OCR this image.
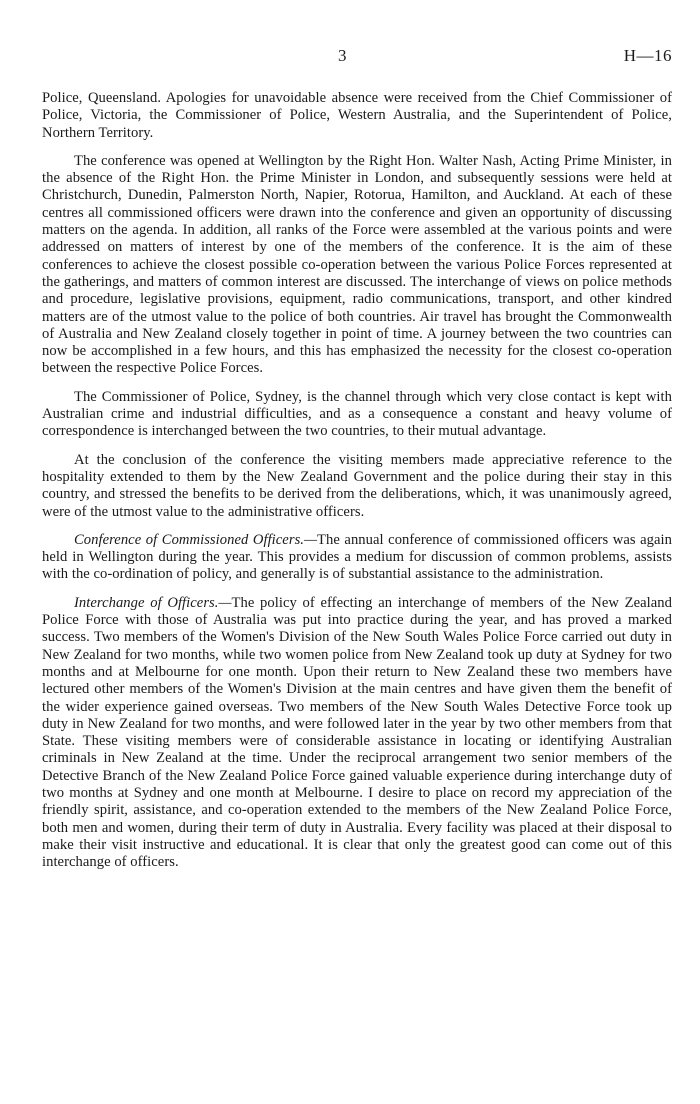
3	H—16

Police, Queensland. Apologies for unavoidable absence were received from the Chief Commissioner of Police, Victoria, the Commissioner of Police, Western Australia, and the Superintendent of Police, Northern Territory.

The conference was opened at Wellington by the Right Hon. Walter Nash, Acting Prime Minister, in the absence of the Right Hon. the Prime Minister in London, and subsequently sessions were held at Christchurch, Dunedin, Palmerston North, Napier, Rotorua, Hamilton, and Auckland. At each of these centres all commissioned officers were drawn into the conference and given an opportunity of discussing matters on the agenda. In addition, all ranks of the Force were assembled at the various points and were addressed on matters of interest by one of the members of the conference. It is the aim of these conferences to achieve the closest possible co-operation between the various Police Forces represented at the gatherings, and matters of common interest are discussed. The interchange of views on police methods and procedure, legislative provisions, equipment, radio communications, transport, and other kindred matters are of the utmost value to the police of both countries. Air travel has brought the Commonwealth of Australia and New Zealand closely together in point of time. A journey between the two countries can now be accomplished in a few hours, and this has emphasized the necessity for the closest co-operation between the respective Police Forces.

The Commissioner of Police, Sydney, is the channel through which very close contact is kept with Australian crime and industrial difficulties, and as a consequence a constant and heavy volume of correspondence is interchanged between the two countries, to their mutual advantage.

At the conclusion of the conference the visiting members made appreciative reference to the hospitality extended to them by the New Zealand Government and the police during their stay in this country, and stressed the benefits to be derived from the deliberations, which, it was unanimously agreed, were of the utmost value to the administrative officers.

Conference of Commissioned Officers.—The annual conference of commissioned officers was again held in Wellington during the year. This provides a medium for discussion of common problems, assists with the co-ordination of policy, and generally is of substantial assistance to the administration.

Interchange of Officers.—The policy of effecting an interchange of members of the New Zealand Police Force with those of Australia was put into practice during the year, and has proved a marked success. Two members of the Women's Division of the New South Wales Police Force carried out duty in New Zealand for two months, while two women police from New Zealand took up duty at Sydney for two months and at Melbourne for one month. Upon their return to New Zealand these two members have lectured other members of the Women's Division at the main centres and have given them the benefit of the wider experience gained overseas. Two members of the New South Wales Detective Force took up duty in New Zealand for two months, and were followed later in the year by two other members from that State. These visiting members were of considerable assistance in locating or identifying Australian criminals in New Zealand at the time. Under the reciprocal arrangement two senior members of the Detective Branch of the New Zealand Police Force gained valuable experience during interchange duty of two months at Sydney and one month at Melbourne. I desire to place on record my appreciation of the friendly spirit, assistance, and co-operation extended to the members of the New Zealand Police Force, both men and women, during their term of duty in Australia. Every facility was placed at their disposal to make their visit instructive and educational. It is clear that only the greatest good can come out of this interchange of officers.
